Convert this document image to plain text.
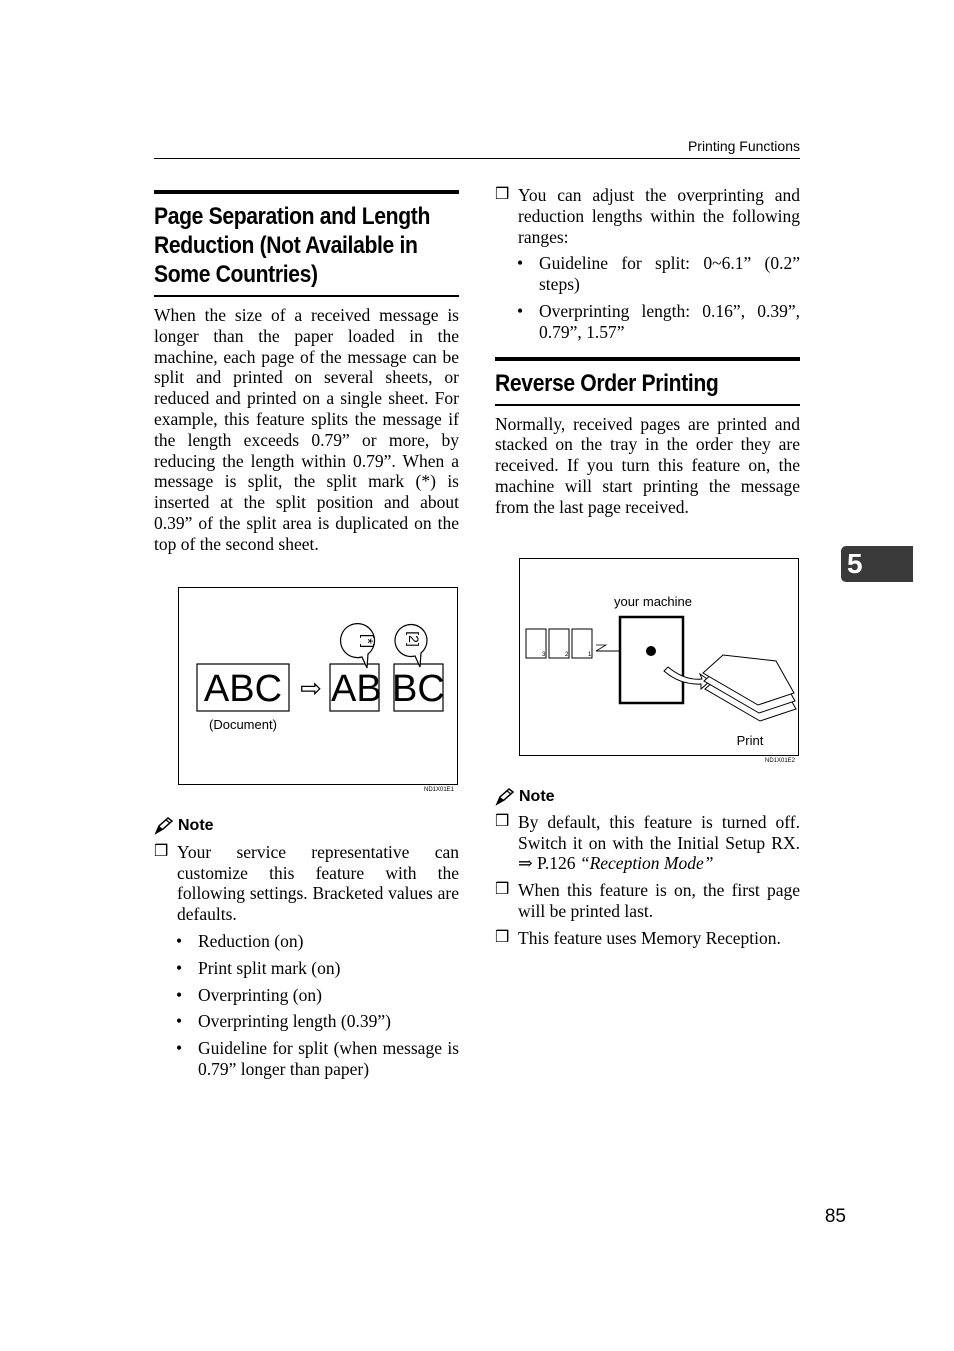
Printing Functions
Page Separation and Length Reduction (Not Available in Some Countries)

When the size of a received message is longer than the paper loaded in the machine, each page of the message can be split and printed on several sheets, or reduced and printed on a single sheet. For example, this feature splits the message if the length exceeds 0.79” or more, by reducing the length within 0.79”. When a message is split, the split mark (*) is inserted at the split position and about 0.39” of the split area is duplicated on the top of the second sheet.

ABC ⇨ AB BC
[*] [2]
(Document)
ND1X01E1
Note
❒ Your service representative can customize this feature with the following settings. Bracketed values are defaults.
• Reduction (on)
• Print split mark (on)
• Overprinting (on)
• Overprinting length (0.39”)
• Guideline for split (when message is 0.79” longer than paper)
❒ You can adjust the overprinting and reduction lengths within the following ranges:
• Guideline for split: 0~6.1” (0.2” steps)
• Overprinting length: 0.16”, 0.39”, 0.79”, 1.57”
Reverse Order Printing

Normally, received pages are printed and stacked on the tray in the order they are received. If you turn this feature on, the machine will start printing the message from the last page received.

your machine
3	2	1
Print
ND1X01E2
Note
❒ By default, this feature is turned off. Switch it on with the Initial Setup RX. ⇒ P.126 “Reception Mode”
❒ When this feature is on, the first page will be printed last.
❒ This feature uses Memory Reception.
5
85
